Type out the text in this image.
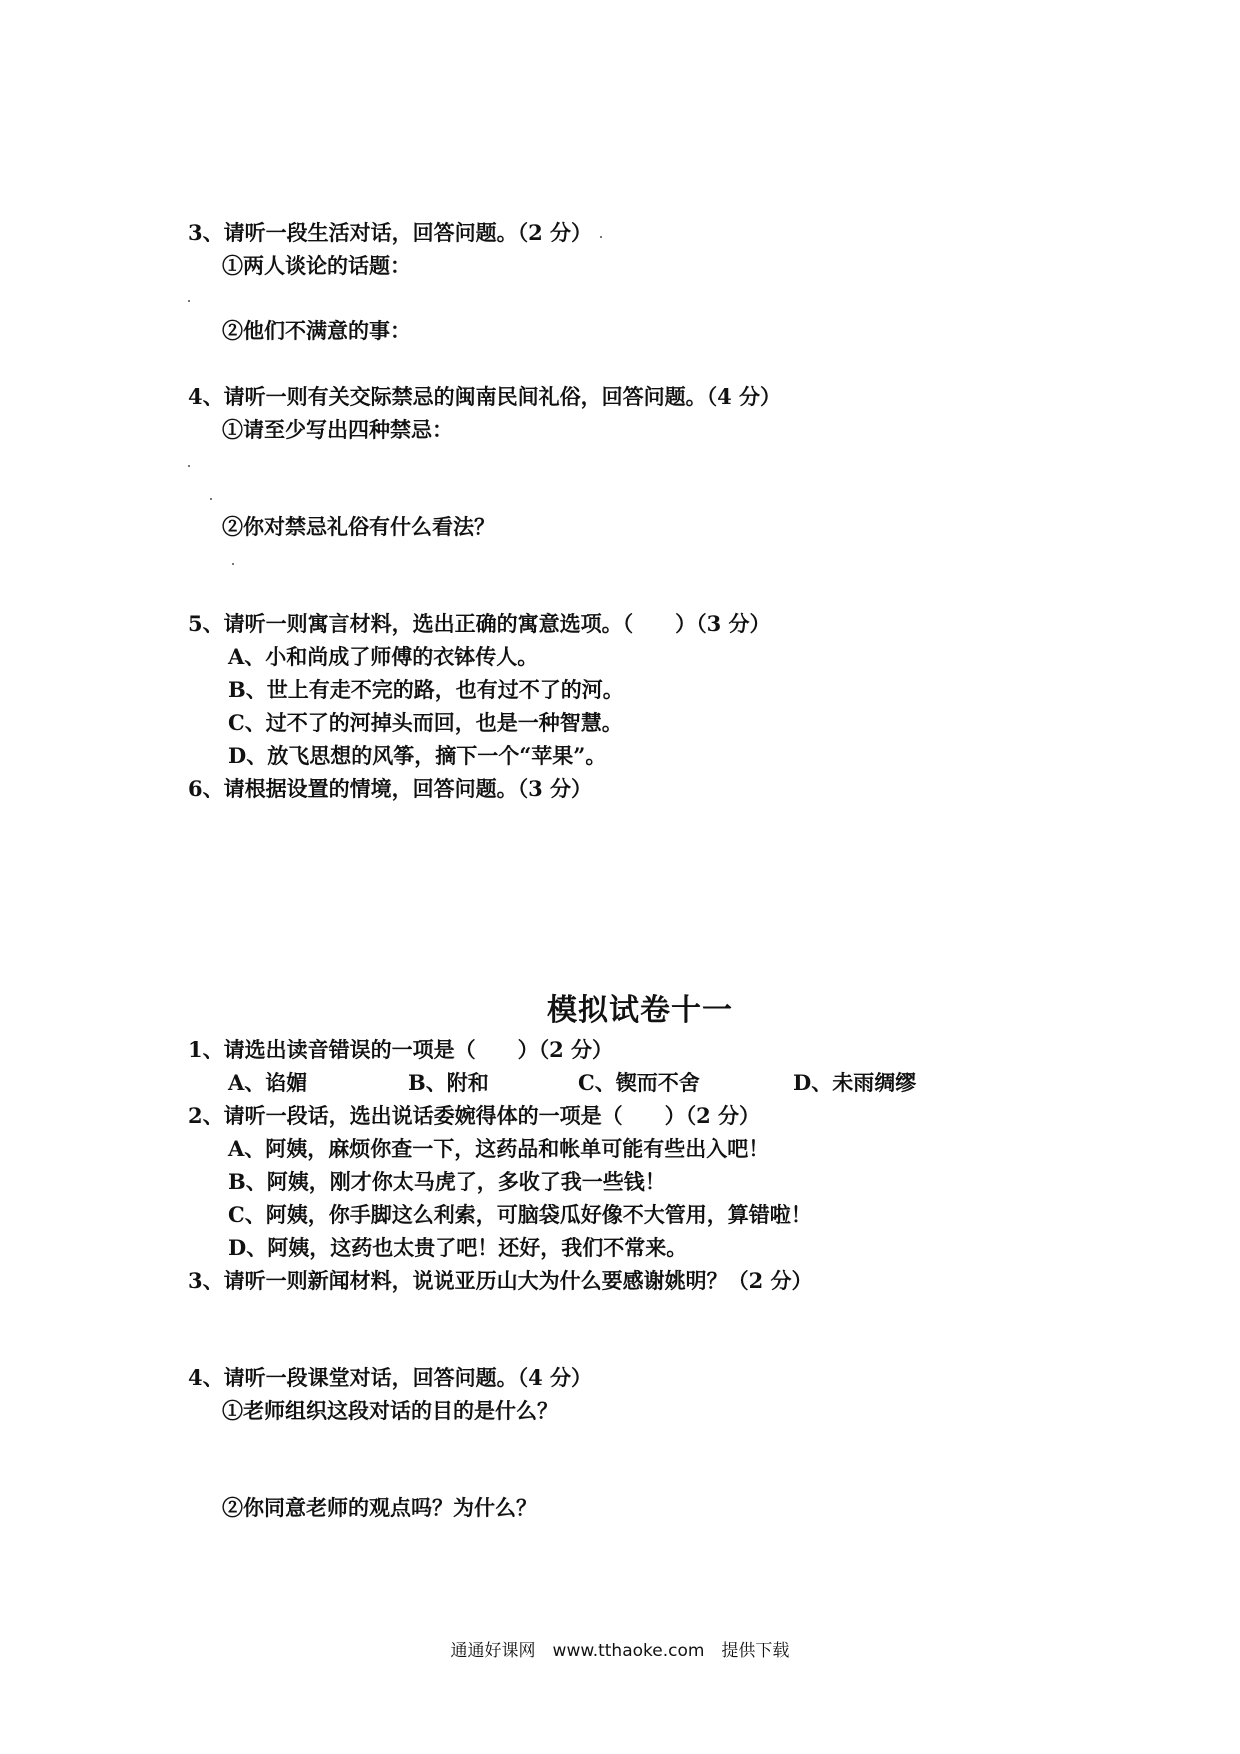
3、请听一段生活对话，回答问题。（2 分）
①两人谈论的话题：
②他们不满意的事：
4、请听一则有关交际禁忌的闽南民间礼俗，回答问题。（4 分）
①请至少写出四种禁忌：
②你对禁忌礼俗有什么看法？
5、请听一则寓言材料，选出正确的寓意选项。（　　）（3 分）
A、小和尚成了师傅的衣钵传人。
B、世上有走不完的路，也有过不了的河。
C、过不了的河掉头而回，也是一种智慧。
D、放飞思想的风筝，摘下一个“苹果”。
6、请根据设置的情境，回答问题。（3 分）
模拟试卷十一
1、请选出读音错误的一项是（　　）（2 分）
A、谄媚	B、附和	C、锲而不舍	D、未雨绸缪
2、请听一段话，选出说话委婉得体的一项是（　　）（2 分）
A、阿姨，麻烦你查一下，这药品和帐单可能有些出入吧！
B、阿姨，刚才你太马虎了，多收了我一些钱！
C、阿姨，你手脚这么利索，可脑袋瓜好像不大管用，算错啦！
D、阿姨，这药也太贵了吧！还好，我们不常来。
3、请听一则新闻材料，说说亚历山大为什么要感谢姚明？（2 分）
4、请听一段课堂对话，回答问题。（4 分）
①老师组织这段对话的目的是什么？
②你同意老师的观点吗？为什么？
通通好课网　www.tthaoke.com　提供下载
